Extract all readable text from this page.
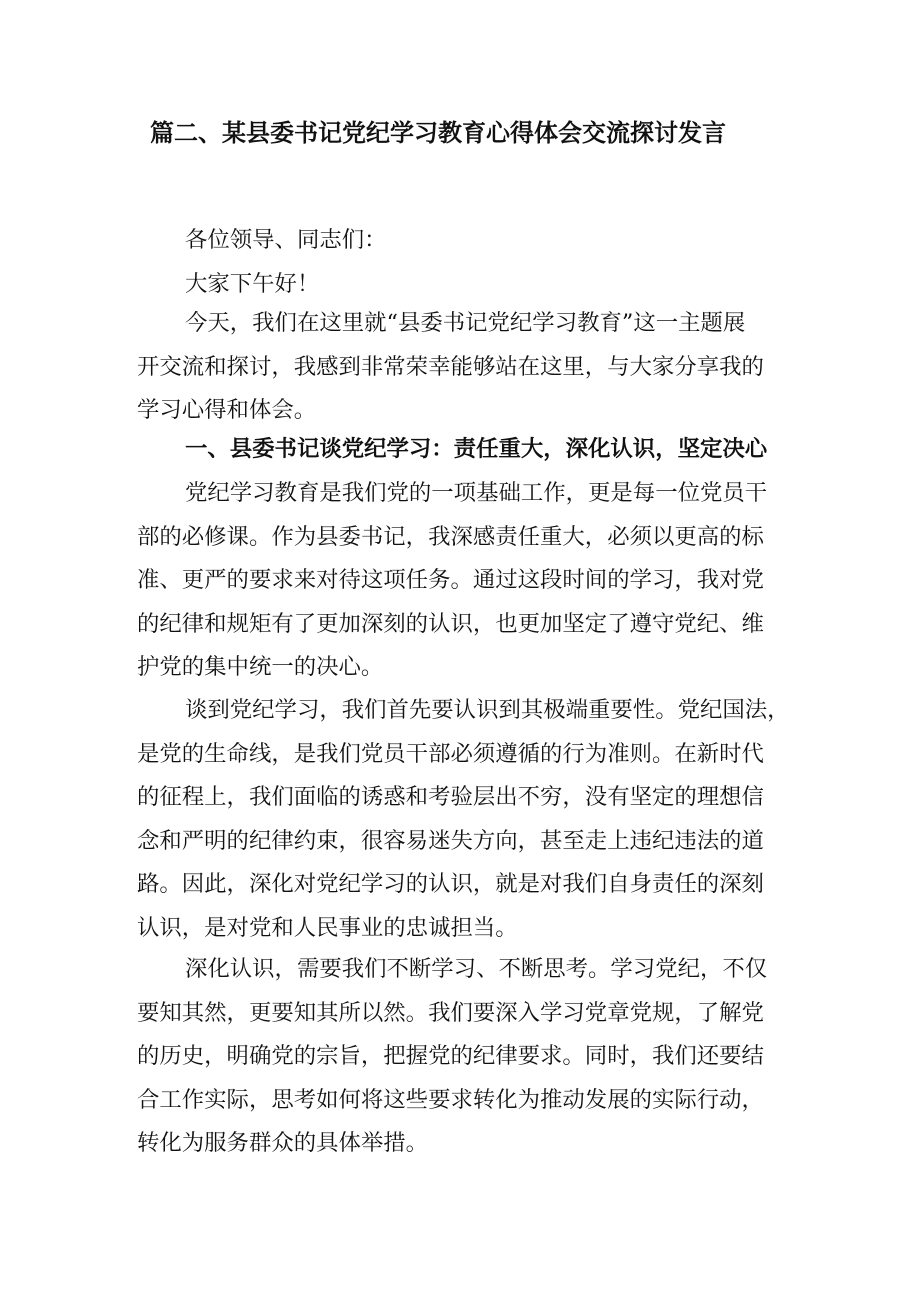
篇二、某县委书记党纪学习教育心得体会交流探讨发言
各位领导、同志们：
大家下午好！
今天，我们在这里就“县委书记党纪学习教育”这一主题展
开交流和探讨，我感到非常荣幸能够站在这里，与大家分享我的
学习心得和体会。
一、县委书记谈党纪学习：责任重大，深化认识，坚定决心
党纪学习教育是我们党的一项基础工作，更是每一位党员干
部的必修课。作为县委书记，我深感责任重大，必须以更高的标
准、更严的要求来对待这项任务。通过这段时间的学习，我对党
的纪律和规矩有了更加深刻的认识，也更加坚定了遵守党纪、维
护党的集中统一的决心。
谈到党纪学习，我们首先要认识到其极端重要性。党纪国法，
是党的生命线，是我们党员干部必须遵循的行为准则。在新时代
的征程上，我们面临的诱惑和考验层出不穷，没有坚定的理想信
念和严明的纪律约束，很容易迷失方向，甚至走上违纪违法的道
路。因此，深化对党纪学习的认识，就是对我们自身责任的深刻
认识，是对党和人民事业的忠诚担当。
深化认识，需要我们不断学习、不断思考。学习党纪，不仅
要知其然，更要知其所以然。我们要深入学习党章党规，了解党
的历史，明确党的宗旨，把握党的纪律要求。同时，我们还要结
合工作实际，思考如何将这些要求转化为推动发展的实际行动，
转化为服务群众的具体举措。
